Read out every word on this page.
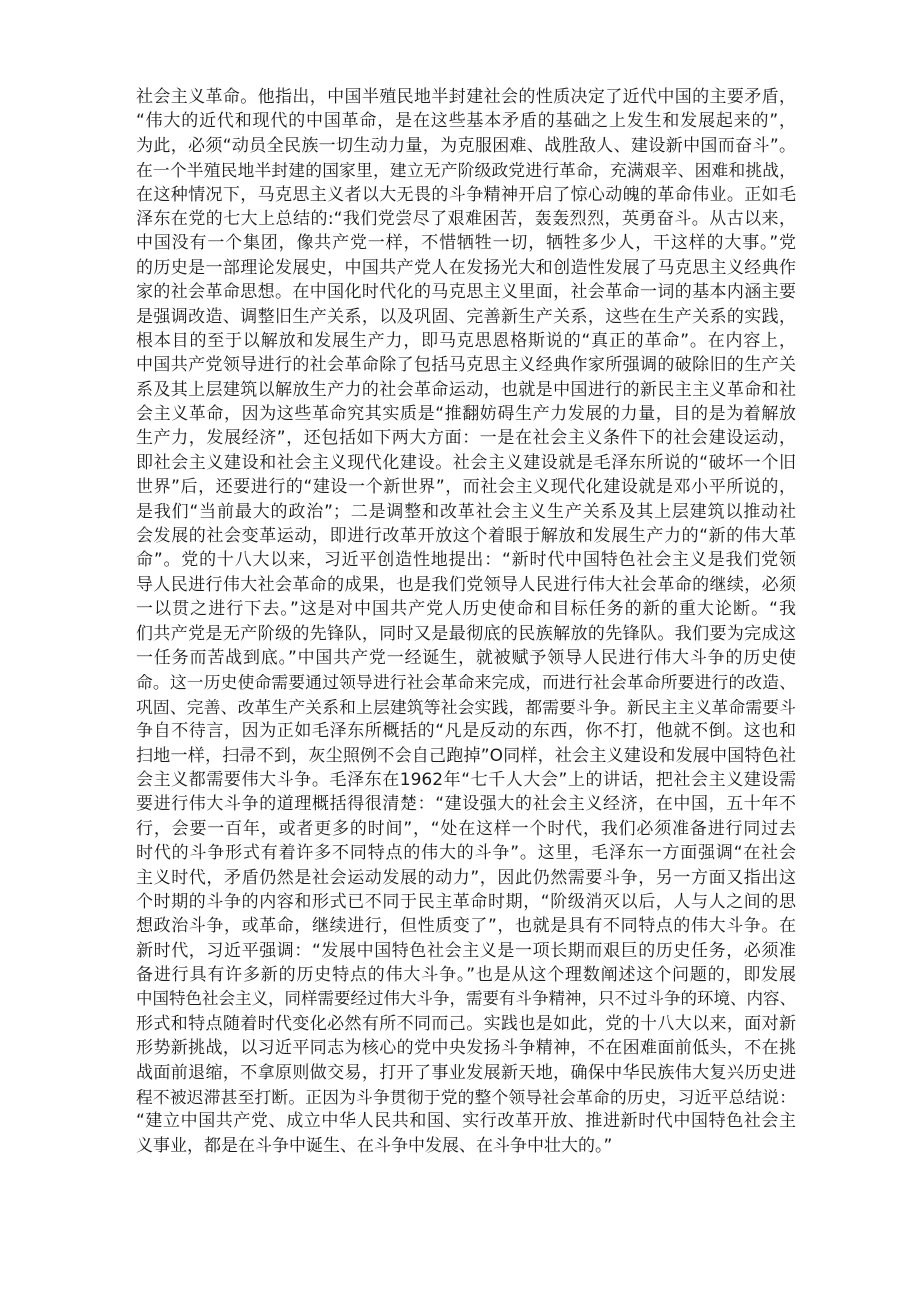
社会主义革命。他指出，中国半殖民地半封建社会的性质决定了近代中国的主要矛盾，
“伟大的近代和现代的中国革命，是在这些基本矛盾的基础之上发生和发展起来的”，
为此，必须“动员全民族一切生动力量，为克服困难、战胜敌人、建设新中国而奋斗”。
在一个半殖民地半封建的国家里，建立无产阶级政党进行革命，充满艰辛、困难和挑战，
在这种情况下，马克思主义者以大无畏的斗争精神开启了惊心动魄的革命伟业。正如毛
泽东在党的七大上总结的:“我们党尝尽了艰难困苦，轰轰烈烈，英勇奋斗。从古以来，
中国没有一个集团，像共产党一样，不惜牺牲一切，牺牲多少人，干这样的大事。”党
的历史是一部理论发展史，中国共产党人在发扬光大和创造性发展了马克思主义经典作
家的社会革命思想。在中国化时代化的马克思主义里面，社会革命一词的基本内涵主要
是强调改造、调整旧生产关系，以及巩固、完善新生产关系，这些在生产关系的实践，
根本目的至于以解放和发展生产力，即马克思恩格斯说的“真正的革命”。在内容上，
中国共产党领导进行的社会革命除了包括马克思主义经典作家所强调的破除旧的生产关
系及其上层建筑以解放生产力的社会革命运动，也就是中国进行的新民主主义革命和社
会主义革命，因为这些革命究其实质是“推翻妨碍生产力发展的力量，目的是为着解放
生产力，发展经济”，还包括如下两大方面：一是在社会主义条件下的社会建设运动，
即社会主义建设和社会主义现代化建设。社会主义建设就是毛泽东所说的“破坏一个旧
世界”后，还要进行的“建设一个新世界”，而社会主义现代化建设就是邓小平所说的，
是我们“当前最大的政治”；二是调整和改革社会主义生产关系及其上层建筑以推动社
会发展的社会变革运动，即进行改革开放这个着眼于解放和发展生产力的“新的伟大革
命”。党的十八大以来，习近平创造性地提出：“新时代中国特色社会主义是我们党领
导人民进行伟大社会革命的成果，也是我们党领导人民进行伟大社会革命的继续，必须
一以贯之进行下去。”这是对中国共产党人历史使命和目标任务的新的重大论断。“我
们共产党是无产阶级的先锋队，同时又是最彻底的民族解放的先锋队。我们要为完成这
一任务而苦战到底。”中国共产党一经诞生，就被赋予领导人民进行伟大斗争的历史使
命。这一历史使命需要通过领导进行社会革命来完成，而进行社会革命所要进行的改造、
巩固、完善、改革生产关系和上层建筑等社会实践，都需要斗争。新民主主义革命需要斗
争自不待言，因为正如毛泽东所概括的“凡是反动的东西，你不打，他就不倒。这也和
扫地一样，扫帚不到，灰尘照例不会自己跑掉”O同样，社会主义建设和发展中国特色社
会主义都需要伟大斗争。毛泽东在1962年“七千人大会”上的讲话，把社会主义建设需
要进行伟大斗争的道理概括得很清楚：“建设强大的社会主义经济，在中国，五十年不
行，会要一百年，或者更多的时间”，“处在这样一个时代，我们必须准备进行同过去
时代的斗争形式有着许多不同特点的伟大的斗争”。这里，毛泽东一方面强调“在社会
主义时代，矛盾仍然是社会运动发展的动力”，因此仍然需要斗争，另一方面又指出这
个时期的斗争的内容和形式已不同于民主革命时期，“阶级消灭以后，人与人之间的思
想政治斗争，或革命，继续进行，但性质变了”，也就是具有不同特点的伟大斗争。在
新时代，习近平强调：“发展中国特色社会主义是一项长期而艰巨的历史任务，必须准
备进行具有许多新的历史特点的伟大斗争。”也是从这个理数阐述这个问题的，即发展
中国特色社会主义，同样需要经过伟大斗争，需要有斗争精神，只不过斗争的环境、内容、
形式和特点随着时代变化必然有所不同而己。实践也是如此，党的十八大以来，面对新
形势新挑战，以习近平同志为核心的党中央发扬斗争精神，不在困难面前低头，不在挑
战面前退缩，不拿原则做交易，打开了事业发展新天地，确保中华民族伟大复兴历史进
程不被迟滞甚至打断。正因为斗争贯彻于党的整个领导社会革命的历史，习近平总结说：
“建立中国共产党、成立中华人民共和国、实行改革开放、推进新时代中国特色社会主
义事业，都是在斗争中诞生、在斗争中发展、在斗争中壮大的。”
